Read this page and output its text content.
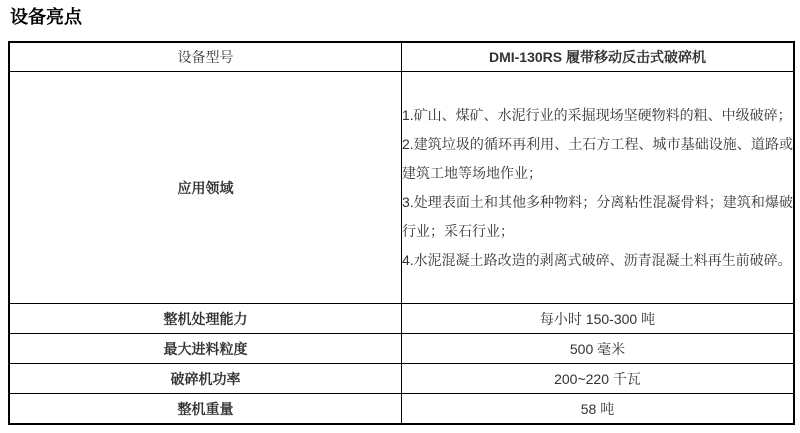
设备亮点
设备型号	DMI-130RS 履带移动反击式破碎机
应用领域	1.矿山、煤矿、水泥行业的采掘现场坚硬物料的粗、中级破碎；

2.建筑垃圾的循环再利用、土石方工程、城市基础设施、道路或建筑工地等场地作业；

3.处理表面土和其他多种物料；分离粘性混凝骨料；建筑和爆破行业；采石行业；

4.水泥混凝土路改造的剥离式破碎、沥青混凝土料再生前破碎。

整机处理能力	每小时 150-300 吨
最大进料粒度	500 毫米
破碎机功率	200~220 千瓦
整机重量	58 吨
